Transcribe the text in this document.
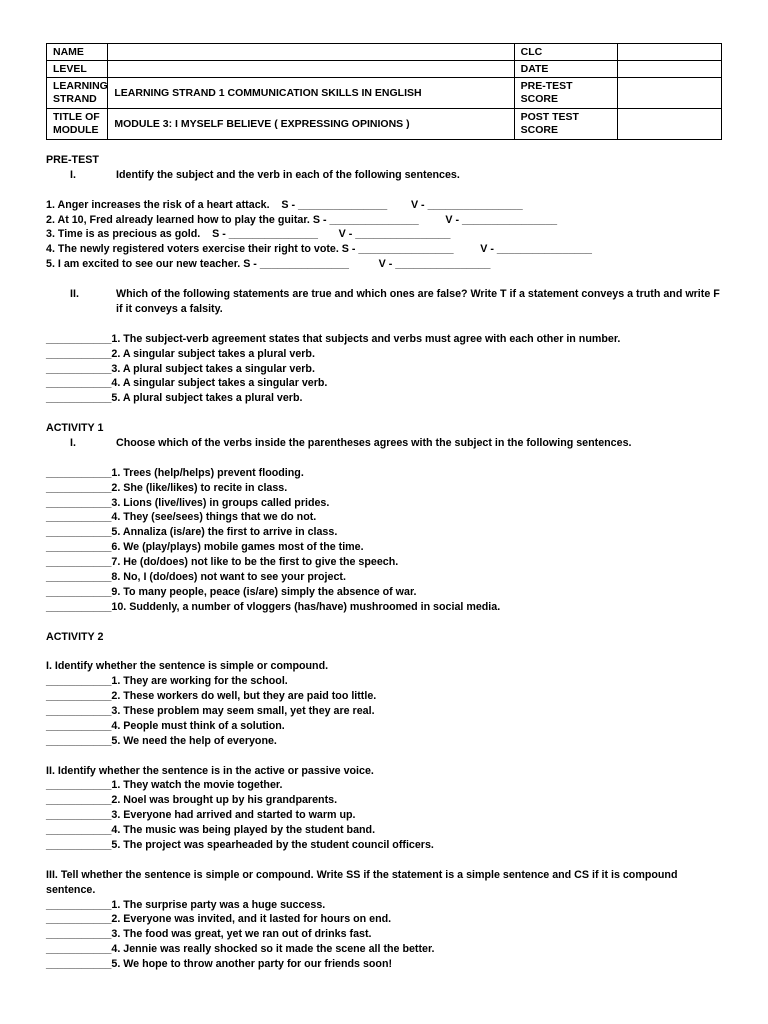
NAME		CLC	
LEVEL		DATE	
LEARNING STRAND	LEARNING STRAND 1 COMMUNICATION SKILLS IN ENGLISH	PRE-TEST SCORE	
TITLE OF MODULE	MODULE 3: I MYSELF BELIEVE ( EXPRESSING OPINIONS )	POST TEST SCORE	
PRE-TEST
I.	Identify the subject and the verb in each of the following sentences.
1. Anger increases the risk of a heart attack.    S - _______________        V - ________________
2. At 10, Fred already learned how to play the guitar. S - _______________         V - ________________
3. Time is as precious as gold.    S - _______________       V - ________________
4. The newly registered voters exercise their right to vote. S - ________________         V - ________________
5. I am excited to see our new teacher. S - _______________          V - ________________
II.	Which of the following statements are true and which ones are false? Write T if a statement conveys a truth and write F if it conveys a falsity.
___________1. The subject-verb agreement states that subjects and verbs must agree with each other in number.
___________2. A singular subject takes a plural verb.
___________3. A plural subject takes a singular verb.
___________4. A singular subject takes a singular verb.
___________5. A plural subject takes a plural verb.
ACTIVITY 1
I.	Choose which of the verbs inside the parentheses agrees with the subject in the following sentences.
___________1. Trees (help/helps) prevent flooding.
___________2. She (like/likes) to recite in class.
___________3. Lions (live/lives) in groups called prides.
___________4. They (see/sees) things that we do not.
___________5. Annaliza (is/are) the first to arrive in class.
___________6. We (play/plays) mobile games most of the time.
___________7. He (do/does) not like to be the first to give the speech.
___________8. No, I (do/does) not want to see your project.
___________9. To many people, peace (is/are) simply the absence of war.
___________10. Suddenly, a number of vloggers (has/have) mushroomed in social media.
ACTIVITY 2
I. Identify whether the sentence is simple or compound.
___________1. They are working for the school.
___________2. These workers do well, but they are paid too little.
___________3. These problem may seem small, yet they are real.
___________4. People must think of a solution.
___________5. We need the help of everyone.
II. Identify whether the sentence is in the active or passive voice.
___________1. They watch the movie together.
___________2. Noel was brought up by his grandparents.
___________3. Everyone had arrived and started to warm up.
___________4. The music was being played by the student band.
___________5. The project was spearheaded by the student council officers.
III. Tell whether the sentence is simple or compound. Write SS if the statement is a simple sentence and CS if it is compound
sentence.
___________1. The surprise party was a huge success.
___________2. Everyone was invited, and it lasted for hours on end.
___________3. The food was great, yet we ran out of drinks fast.
___________4. Jennie was really shocked so it made the scene all the better.
___________5. We hope to throw another party for our friends soon!
